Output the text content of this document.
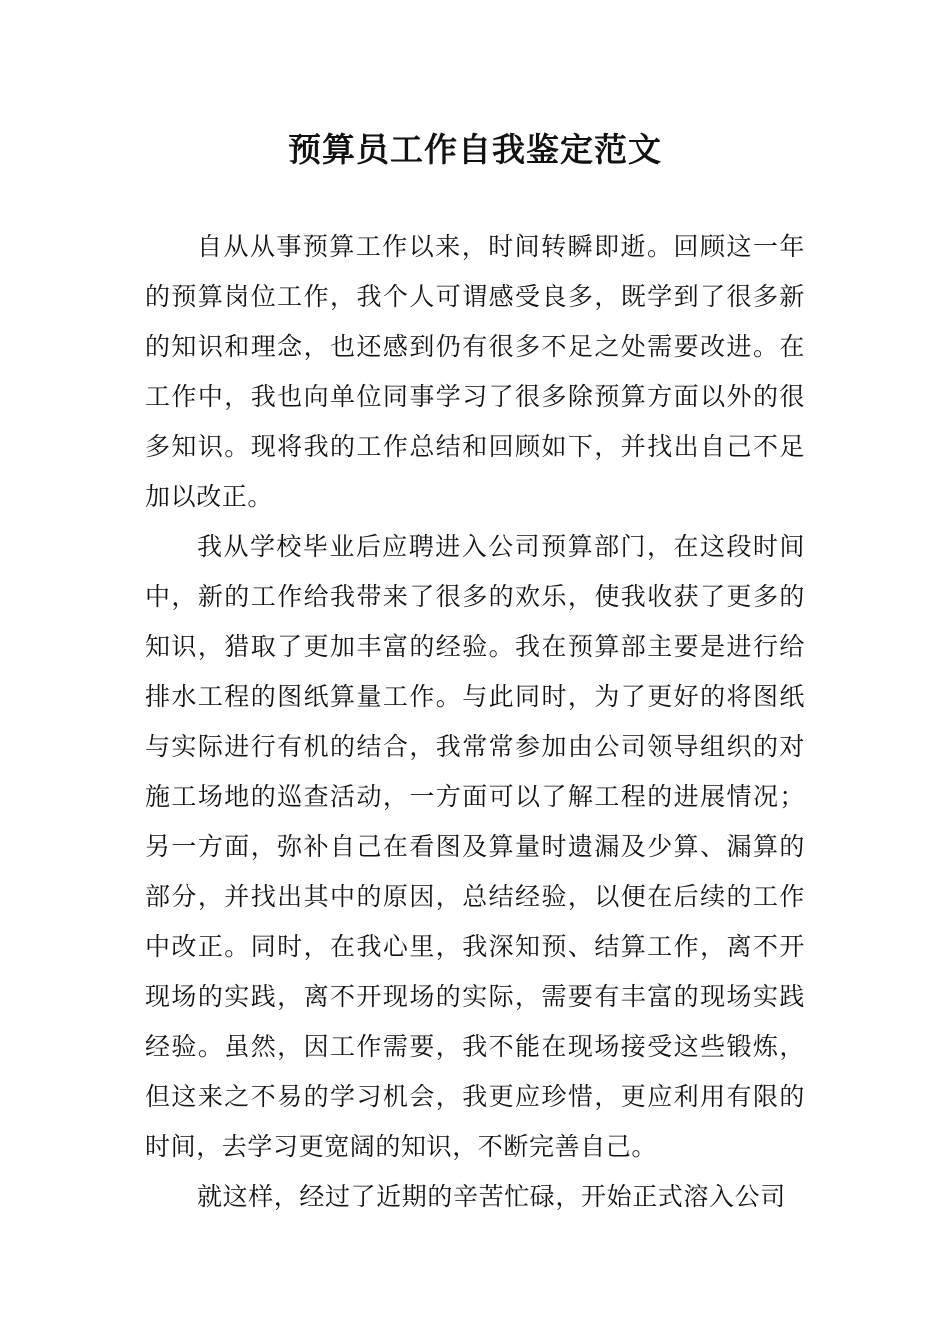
预算员工作自我鉴定范文

自从从事预算工作以来，时间转瞬即逝。回顾这一年的预算岗位工作，我个人可谓感受良多，既学到了很多新的知识和理念，也还感到仍有很多不足之处需要改进。在工作中，我也向单位同事学习了很多除预算方面以外的很多知识。现将我的工作总结和回顾如下，并找出自己不足加以改正。

我从学校毕业后应聘进入公司预算部门，在这段时间中，新的工作给我带来了很多的欢乐，使我收获了更多的知识，猎取了更加丰富的经验。我在预算部主要是进行给排水工程的图纸算量工作。与此同时，为了更好的将图纸与实际进行有机的结合，我常常参加由公司领导组织的对施工场地的巡查活动，一方面可以了解工程的进展情况；另一方面，弥补自己在看图及算量时遗漏及少算、漏算的部分，并找出其中的原因，总结经验，以便在后续的工作中改正。同时，在我心里，我深知预、结算工作，离不开现场的实践，离不开现场的实际，需要有丰富的现场实践经验。虽然，因工作需要，我不能在现场接受这些锻炼，但这来之不易的学习机会，我更应珍惜，更应利用有限的时间，去学习更宽阔的知识，不断完善自己。

就这样，经过了近期的辛苦忙碌，开始正式溶入公司
